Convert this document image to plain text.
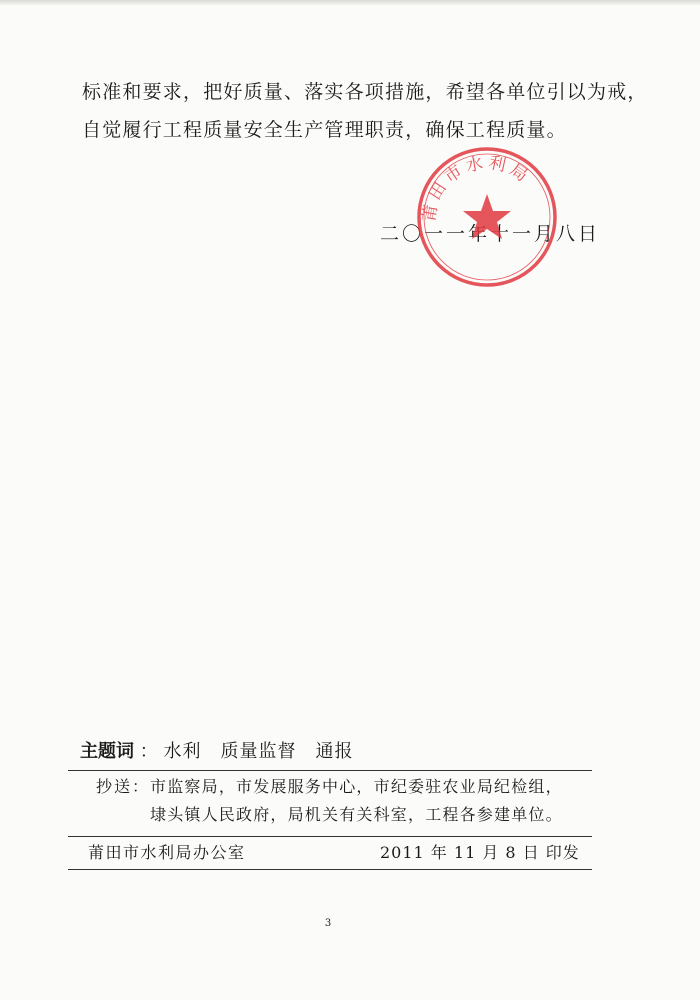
标准和要求，把好质量、落实各项措施，希望各单位引以为戒，
自觉履行工程质量安全生产管理职责，确保工程质量。
二〇一一年十一月八日
莆田市水利局
主题词 ： 水利　质量监督　通报
抄送：市监察局，市发展服务中心，市纪委驻农业局纪检组，
埭头镇人民政府，局机关有关科室，工程各参建单位。
莆田市水利局办公室	2011 年 11 月 8 日 印发
3
